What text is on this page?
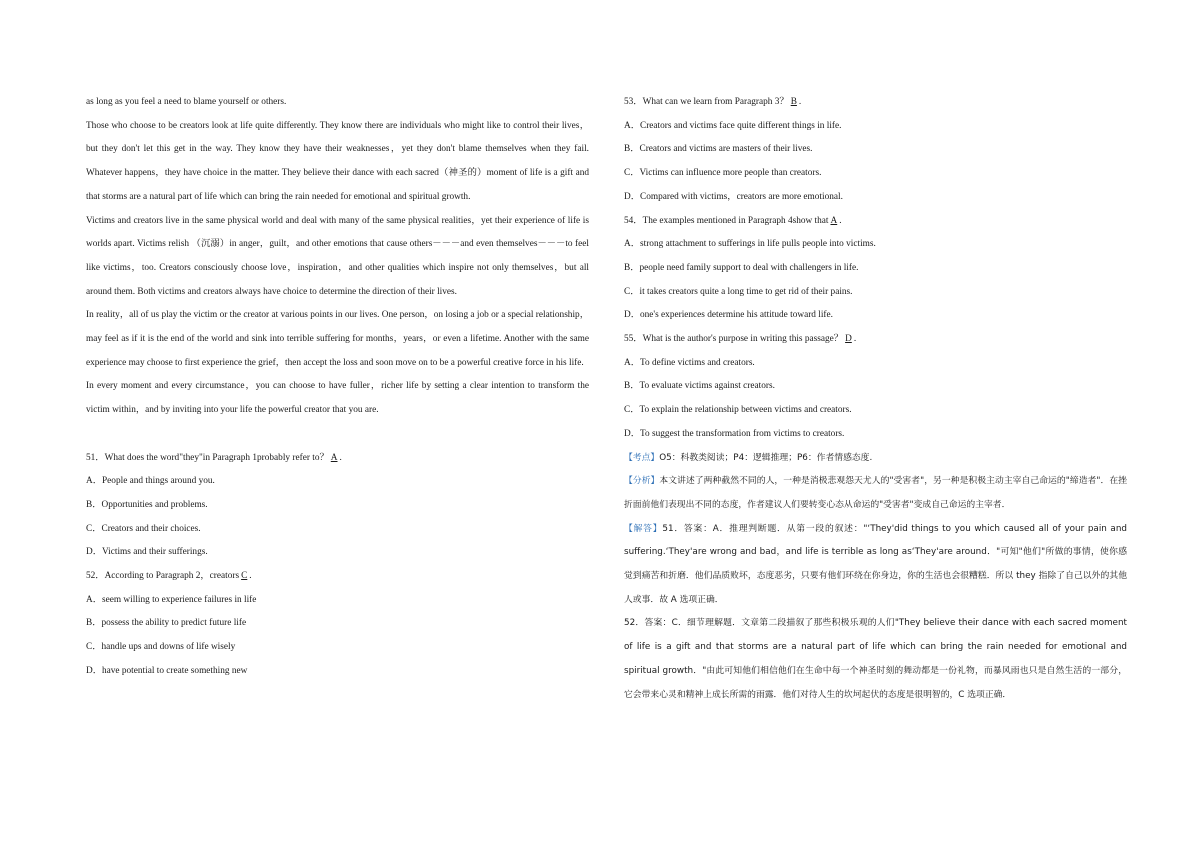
as long as you feel a need to blame yourself or others.

Those who choose to be creators look at life quite differently. They know there are individuals who might like to control their lives，but they don't let this get in the way. They know they have their weaknesses，yet they don't blame themselves when they fail. Whatever happens，they have choice in the matter. They believe their dance with each sacred（神圣的）moment of life is a gift and that storms are a natural part of life which can bring the rain needed for emotional and spiritual growth.

Victims and creators live in the same physical world and deal with many of the same physical realities，yet their experience of life is worlds apart. Victims relish （沉溺）in anger，guilt，and other emotions that cause others－－－and even themselves－－－to feel like victims，too. Creators consciously choose love，inspiration，and other qualities which inspire not only themselves，but all around them. Both victims and creators always have choice to determine the direction of their lives.

In reality，all of us play the victim or the creator at various points in our lives. One person，on losing a job or a special relationship，may feel as if it is the end of the world and sink into terrible suffering for months，years，or even a lifetime. Another with the same experience may choose to first experience the grief，then accept the loss and soon move on to be a powerful creative force in his life.

In every moment and every circumstance，you can choose to have fuller，richer life by setting a clear intention to transform the victim within，and by inviting into your life the powerful creator that you are.

51．What does the word"they"in Paragraph 1probably refer to？ A .

A．People and things around you.

B．Opportunities and problems.

C．Creators and their choices.

D．Victims and their sufferings.

52．According to Paragraph 2，creators C .

A．seem willing to experience failures in life

B．possess the ability to predict future life

C．handle ups and downs of life wisely

D．have potential to create something new

53．What can we learn from Paragraph 3？ B .

A．Creators and victims face quite different things in life.

B．Creators and victims are masters of their lives.

C．Victims can influence more people than creators.

D．Compared with victims，creators are more emotional.

54．The examples mentioned in Paragraph 4show that A .

A．strong attachment to sufferings in life pulls people into victims.

B．people need family support to deal with challengers in life.

C．it takes creators quite a long time to get rid of their pains.

D．one's experiences determine his attitude toward life.

55．What is the author's purpose in writing this passage？ D .

A．To define victims and creators.

B．To evaluate victims against creators.

C．To explain the relationship between victims and creators.

D．To suggest the transformation from victims to creators.

【考点】O5：科教类阅读；P4：逻辑推理；P6：作者情感态度.

【分析】本文讲述了两种截然不同的人，一种是消极悲观怨天尤人的"受害者"，另一种是积极主动主宰自己命运的"缔造者"．在挫折面前他们表现出不同的态度，作者建议人们要转变心态从命运的"受害者"变成自己命运的主宰者．

【解答】51．答案：A．推理判断题．从第一段的叙述："‘They'did things to you which caused all of your pain and suffering.‘They'are wrong and bad，and life is terrible as long as‘They'are around．"可知"他们"所做的事情，使你感觉到痛苦和折磨．他们品质败坏，态度恶劣，只要有他们环绕在你身边，你的生活也会很糟糕．所以 they 指除了自己以外的其他人或事．故 A 选项正确．

52．答案：C．细节理解题．文章第二段描叙了那些积极乐观的人们"They believe their dance with each sacred moment of life is a gift and that storms are a natural part of life which can bring the rain needed for emotional and spiritual growth．"由此可知他们相信他们在生命中每一个神圣时刻的舞动都是一份礼物，而暴风雨也只是自然生活的一部分，它会带来心灵和精神上成长所需的雨露．他们对待人生的坎坷起伏的态度是很明智的，C 选项正确．
